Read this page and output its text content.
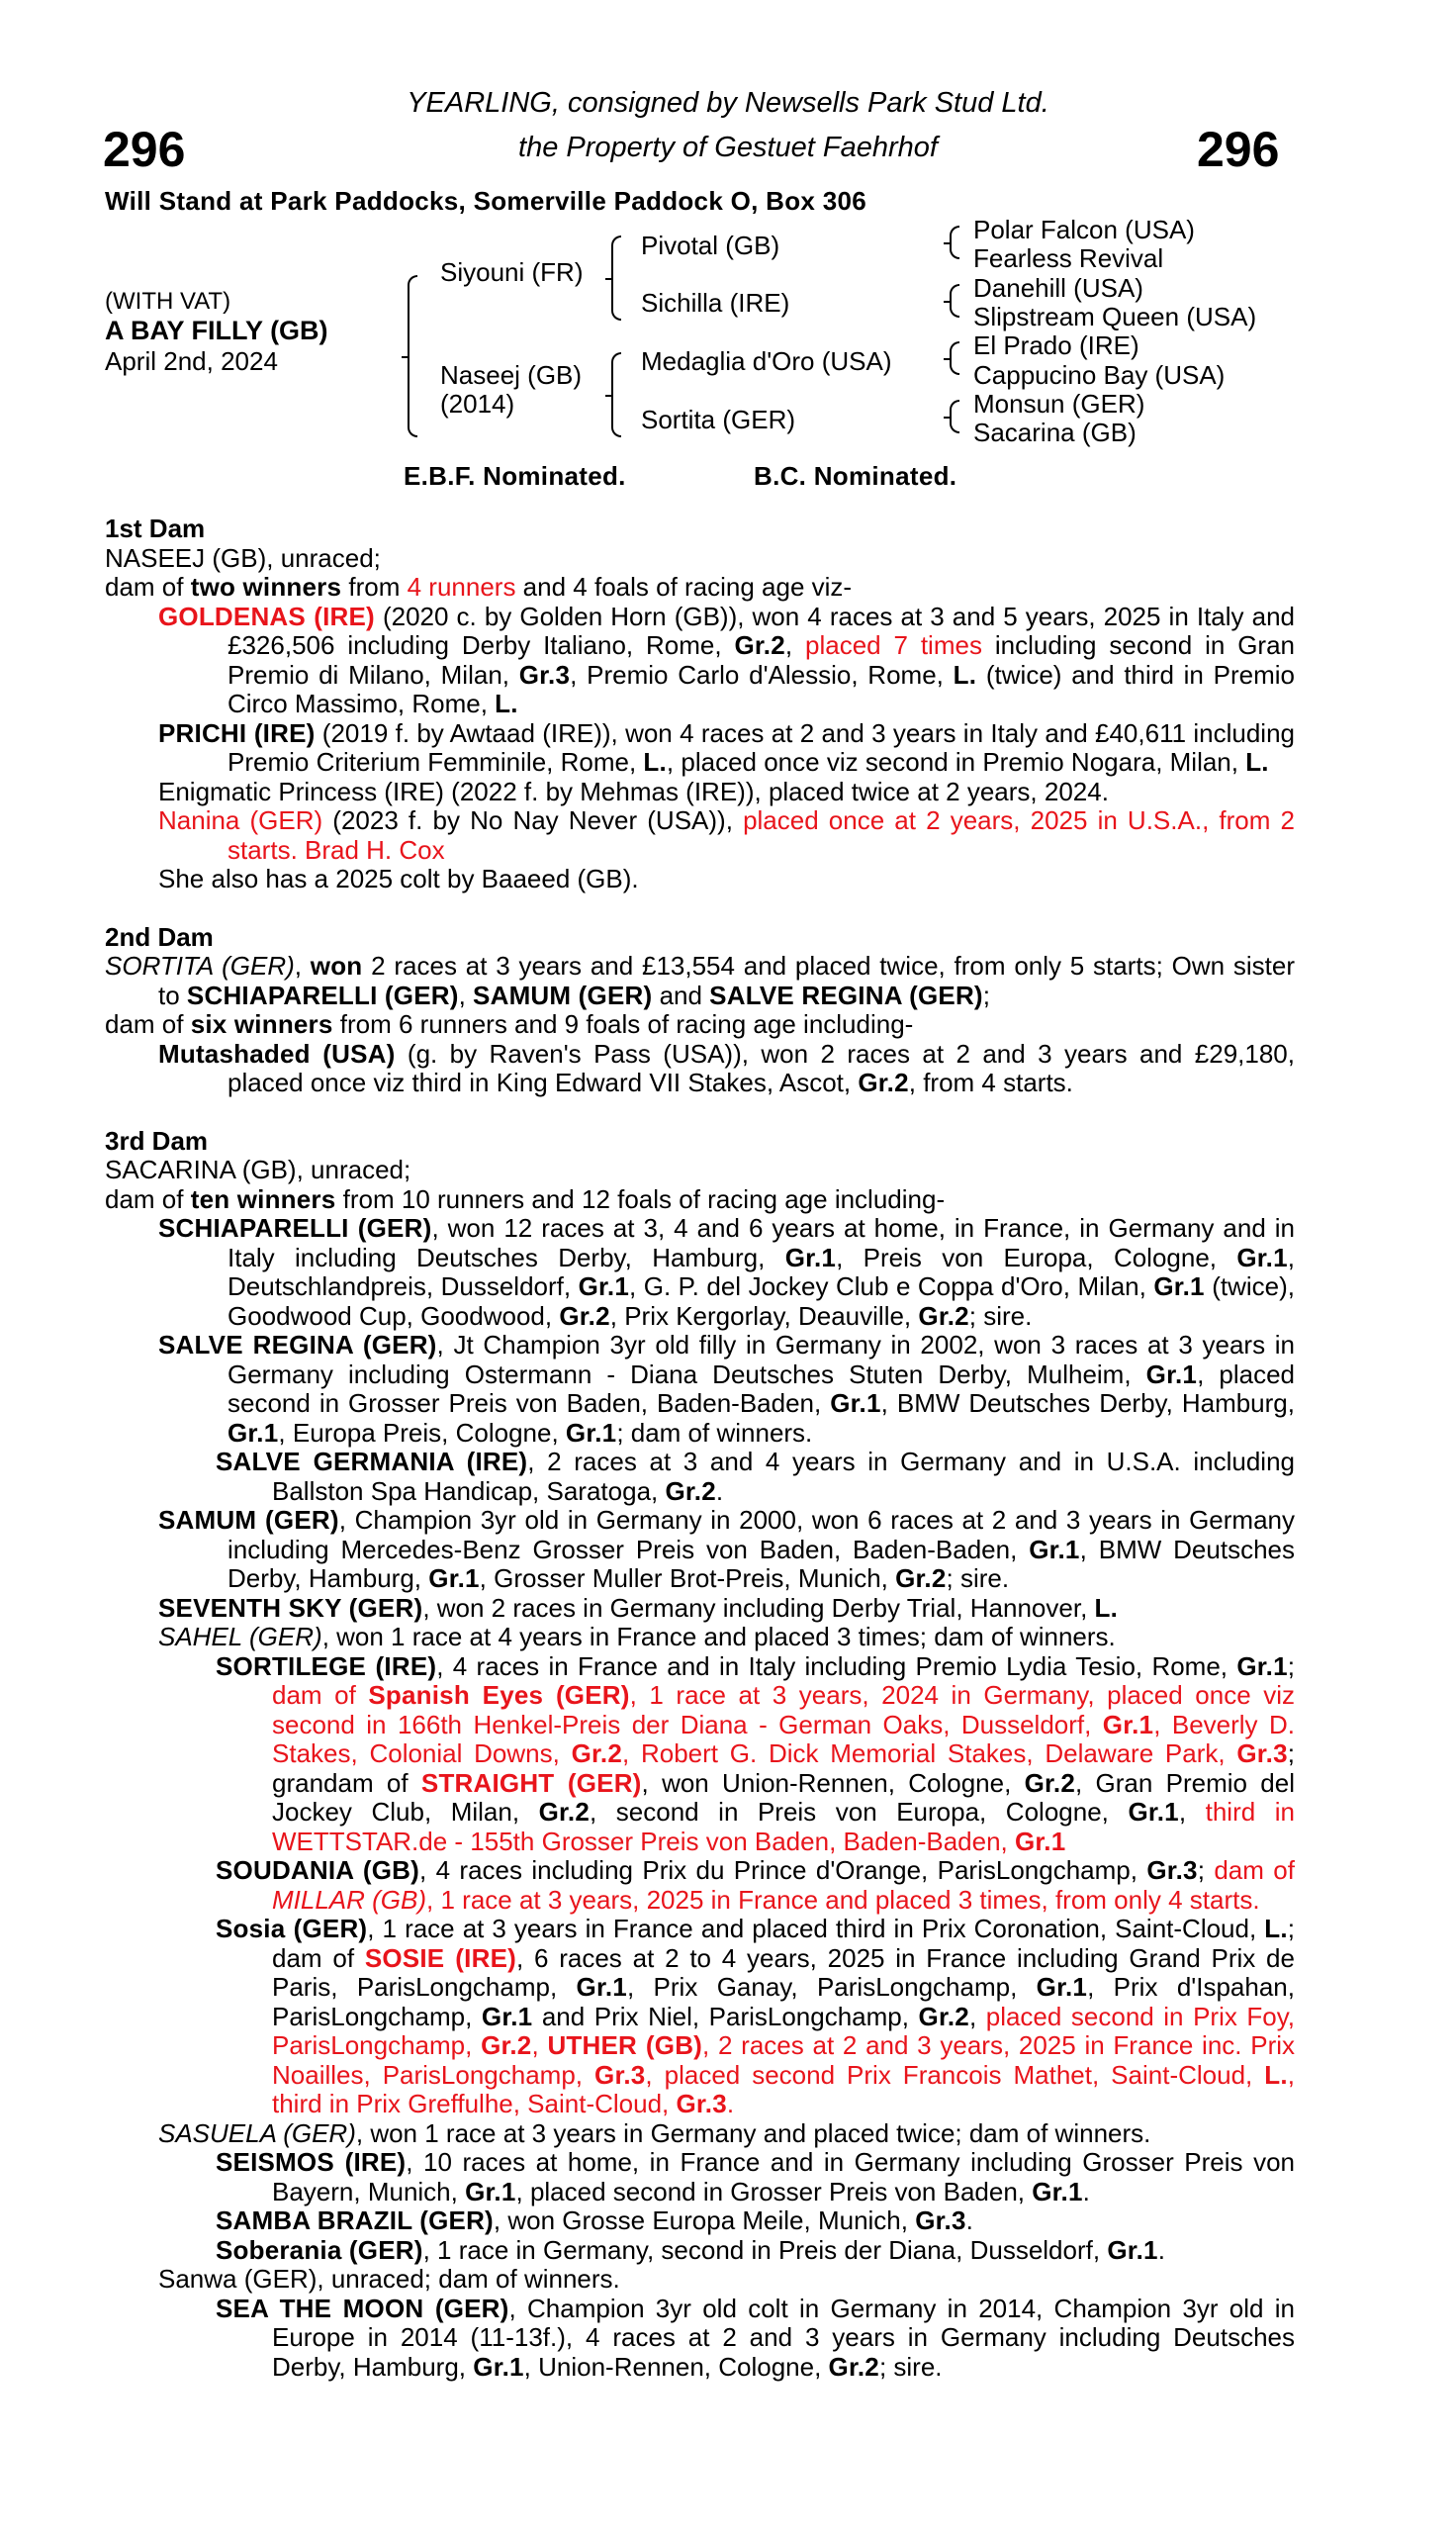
YEARLING, consigned by Newsells Park Stud Ltd.
296	the Property of Gestuet Faehrhof	296
Will Stand at Park Paddocks, Somerville Paddock O, Box 306
(WITH VAT)
A BAY FILLY (GB)
April 2nd, 2024
Siyouni (FR)
Naseej (GB)
(2014)
Pivotal (GB)
Sichilla (IRE)
Medaglia d'Oro (USA)
Sortita (GER)
Polar Falcon (USA)
Fearless Revival
Danehill (USA)
Slipstream Queen (USA)
El Prado (IRE)
Cappucino Bay (USA)
Monsun (GER)
Sacarina (GB)
E.B.F. Nominated.	B.C. Nominated.
1st Dam
NASEEJ (GB), unraced;
dam of two winners from 4 runners and 4 foals of racing age viz-
GOLDENAS (IRE) (2020 c. by Golden Horn (GB)), won 4 races at 3 and 5 years, 2025 in Italy and £326,506 including Derby Italiano, Rome, Gr.2, placed 7 times including second in Gran Premio di Milano, Milan, Gr.3, Premio Carlo d'Alessio, Rome, L. (twice) and third in Premio Circo Massimo, Rome, L.
PRICHI (IRE) (2019 f. by Awtaad (IRE)), won 4 races at 2 and 3 years in Italy and £40,611 including Premio Criterium Femminile, Rome, L., placed once viz second in Premio Nogara, Milan, L.
Enigmatic Princess (IRE) (2022 f. by Mehmas (IRE)), placed twice at 2 years, 2024.
Nanina (GER) (2023 f. by No Nay Never (USA)), placed once at 2 years, 2025 in U.S.A., from 2 starts. Brad H. Cox
She also has a 2025 colt by Baaeed (GB).
2nd Dam
SORTITA (GER), won 2 races at 3 years and £13,554 and placed twice, from only 5 starts; Own sister to SCHIAPARELLI (GER), SAMUM (GER) and SALVE REGINA (GER);
dam of six winners from 6 runners and 9 foals of racing age including-
Mutashaded (USA) (g. by Raven's Pass (USA)), won 2 races at 2 and 3 years and £29,180, placed once viz third in King Edward VII Stakes, Ascot, Gr.2, from 4 starts.
3rd Dam
SACARINA (GB), unraced;
dam of ten winners from 10 runners and 12 foals of racing age including-
SCHIAPARELLI (GER), won 12 races at 3, 4 and 6 years at home, in France, in Germany and in Italy including Deutsches Derby, Hamburg, Gr.1, Preis von Europa, Cologne, Gr.1, Deutschlandpreis, Dusseldorf, Gr.1, G. P. del Jockey Club e Coppa d'Oro, Milan, Gr.1 (twice), Goodwood Cup, Goodwood, Gr.2, Prix Kergorlay, Deauville, Gr.2; sire.
SALVE REGINA (GER), Jt Champion 3yr old filly in Germany in 2002, won 3 races at 3 years in Germany including Ostermann - Diana Deutsches Stuten Derby, Mulheim, Gr.1, placed second in Grosser Preis von Baden, Baden-Baden, Gr.1, BMW Deutsches Derby, Hamburg, Gr.1, Europa Preis, Cologne, Gr.1; dam of winners.
SALVE GERMANIA (IRE), 2 races at 3 and 4 years in Germany and in U.S.A. including Ballston Spa Handicap, Saratoga, Gr.2.
SAMUM (GER), Champion 3yr old in Germany in 2000, won 6 races at 2 and 3 years in Germany including Mercedes-Benz Grosser Preis von Baden, Baden-Baden, Gr.1, BMW Deutsches Derby, Hamburg, Gr.1, Grosser Muller Brot-Preis, Munich, Gr.2; sire.
SEVENTH SKY (GER), won 2 races in Germany including Derby Trial, Hannover, L.
SAHEL (GER), won 1 race at 4 years in France and placed 3 times; dam of winners.
SORTILEGE (IRE), 4 races in France and in Italy including Premio Lydia Tesio, Rome, Gr.1; dam of Spanish Eyes (GER), 1 race at 3 years, 2024 in Germany, placed once viz second in 166th Henkel-Preis der Diana - German Oaks, Dusseldorf, Gr.1, Beverly D. Stakes, Colonial Downs, Gr.2, Robert G. Dick Memorial Stakes, Delaware Park, Gr.3; grandam of STRAIGHT (GER), won Union-Rennen, Cologne, Gr.2, Gran Premio del Jockey Club, Milan, Gr.2, second in Preis von Europa, Cologne, Gr.1, third in WETTSTAR.de - 155th Grosser Preis von Baden, Baden-Baden, Gr.1
SOUDANIA (GB), 4 races including Prix du Prince d'Orange, ParisLongchamp, Gr.3; dam of MILLAR (GB), 1 race at 3 years, 2025 in France and placed 3 times, from only 4 starts.
Sosia (GER), 1 race at 3 years in France and placed third in Prix Coronation, Saint-Cloud, L.; dam of SOSIE (IRE), 6 races at 2 to 4 years, 2025 in France including Grand Prix de Paris, ParisLongchamp, Gr.1, Prix Ganay, ParisLongchamp, Gr.1, Prix d'Ispahan, ParisLongchamp, Gr.1 and Prix Niel, ParisLongchamp, Gr.2, placed second in Prix Foy, ParisLongchamp, Gr.2, UTHER (GB), 2 races at 2 and 3 years, 2025 in France inc. Prix Noailles, ParisLongchamp, Gr.3, placed second Prix Francois Mathet, Saint-Cloud, L., third in Prix Greffulhe, Saint-Cloud, Gr.3.
SASUELA (GER), won 1 race at 3 years in Germany and placed twice; dam of winners.
SEISMOS (IRE), 10 races at home, in France and in Germany including Grosser Preis von Bayern, Munich, Gr.1, placed second in Grosser Preis von Baden, Gr.1.
SAMBA BRAZIL (GER), won Grosse Europa Meile, Munich, Gr.3.
Soberania (GER), 1 race in Germany, second in Preis der Diana, Dusseldorf, Gr.1.
Sanwa (GER), unraced; dam of winners.
SEA THE MOON (GER), Champion 3yr old colt in Germany in 2014, Champion 3yr old in Europe in 2014 (11-13f.), 4 races at 2 and 3 years in Germany including Deutsches Derby, Hamburg, Gr.1, Union-Rennen, Cologne, Gr.2; sire.
